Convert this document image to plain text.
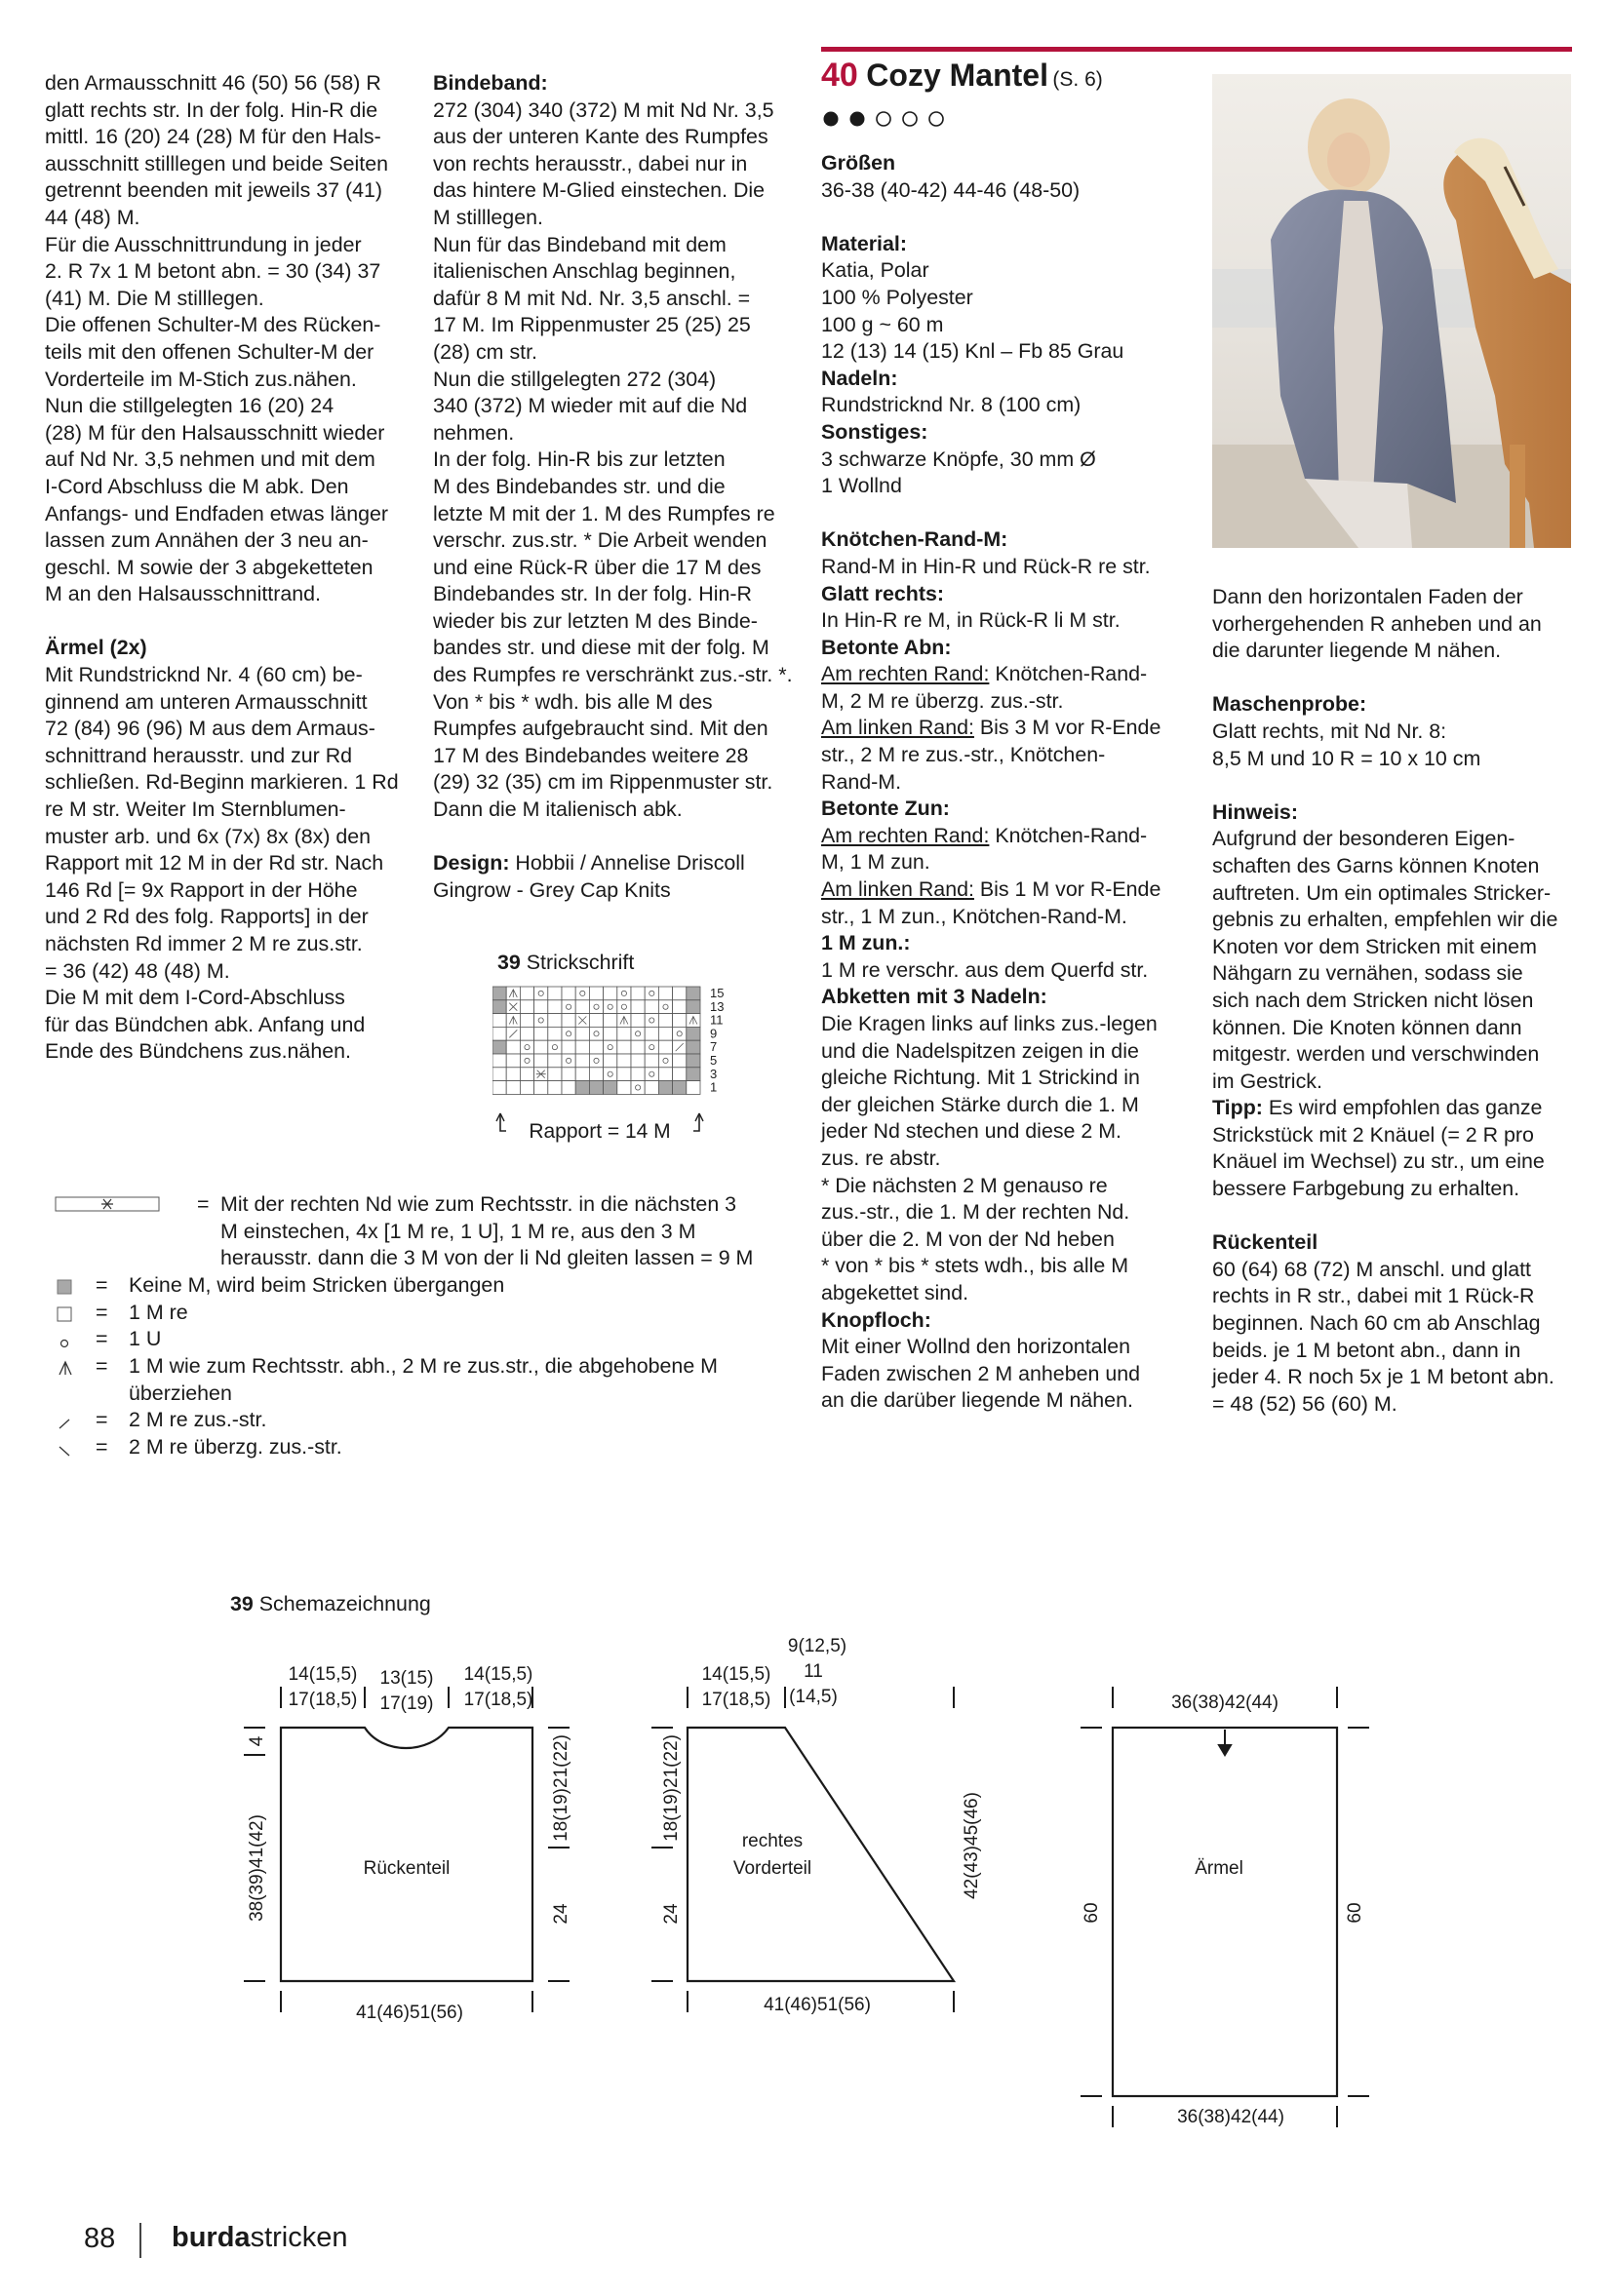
den Armausschnitt 46 (50) 56 (58) R
glatt rechts str. In der folg. Hin-R die
mittl. 16 (20) 24 (28) M für den Hals-
ausschnitt stilllegen und beide Seiten
getrennt beenden mit jeweils 37 (41)
44 (48) M.
Für die Ausschnittrundung in jeder
2. R 7x 1 M betont abn. = 30 (34) 37
(41) M. Die M stilllegen.
Die offenen Schulter-M des Rücken-
teils mit den offenen Schulter-M der
Vorderteile im M-Stich zus.nähen.
Nun die stillgelegten 16 (20) 24
(28) M für den Halsausschnitt wieder
auf Nd Nr. 3,5 nehmen und mit dem
I-Cord Abschluss die M abk. Den
Anfangs- und Endfaden etwas länger
lassen zum Annähen der 3 neu an-
geschl. M sowie der 3 abgeketteten
M an den Halsausschnittrand.

Ärmel (2x)

Mit Rundstricknd Nr. 4 (60 cm) be-
ginnend am unteren Armausschnitt
72 (84) 96 (96) M aus dem Armaus-
schnittrand herausstr. und zur Rd
schließen. Rd-Beginn markieren. 1 Rd
re M str. Weiter Im Sternblumen-
muster arb. und 6x (7x) 8x (8x) den
Rapport mit 12 M in der Rd str. Nach
146 Rd [= 9x Rapport in der Höhe
und 2 Rd des folg. Rapports] in der
nächsten Rd immer 2 M re zus.str.
= 36 (42) 48 (48) M.
Die M mit dem I-Cord-Abschluss
für das Bündchen abk. Anfang und
Ende des Bündchens zus.nähen.

Bindeband:

272 (304) 340 (372) M mit Nd Nr. 3,5
aus der unteren Kante des Rumpfes
von rechts herausstr., dabei nur in
das hintere M-Glied einstechen. Die
M stilllegen.
Nun für das Bindeband mit dem
italienischen Anschlag beginnen,
dafür 8 M mit Nd. Nr. 3,5 anschl. =
17 M. Im Rippenmuster 25 (25) 25
(28) cm str.
Nun die stillgelegten 272 (304)
340 (372) M wieder mit auf die Nd
nehmen.
In der folg. Hin-R bis zur letzten
M des Bindebandes str. und die
letzte M mit der 1. M des Rumpfes re
verschr. zus.str. * Die Arbeit wenden
und eine Rück-R über die 17 M des
Bindebandes str. In der folg. Hin-R
wieder bis zur letzten M des Binde-
bandes str. und diese mit der folg. M
des Rumpfes re verschränkt zus.-str. *.
Von * bis * wdh. bis alle M des
Rumpfes aufgebraucht sind. Mit den
17 M des Bindebandes weitere 28
(29) 32 (35) cm im Rippenmuster str.
Dann die M italienisch abk.

Design: Hobbii / Annelise Driscoll
Gingrow - Grey Cap Knits

39 Strickschrift
15
13
11
9
7
5
3
1
Rapport = 14 M
= Mit der rechten Nd wie zum Rechtsstr. in die nächsten 3
M einstechen, 4x [1 M re, 1 U], 1 M re, aus den 3 M
herausstr. dann die 3 M von der li Nd gleiten lassen = 9 M
= Keine M, wird beim Stricken übergangen
= 1 M re
= 1 U
= 1 M wie zum Rechtsstr. abh., 2 M re zus.str., die abgehobene M
überziehen
= 2 M re zus.-str.
= 2 M re überzg. zus.-str.
40 Cozy Mantel (S. 6)

Größen

36-38 (40-42) 44-46 (48-50)

Material:

Katia, Polar
100 % Polyester
100 g ~ 60 m
12 (13) 14 (15) Knl – Fb 85 Grau

Nadeln:

Rundstricknd Nr. 8 (100 cm)

Sonstiges:

3 schwarze Knöpfe, 30 mm Ø
1 Wollnd

Knötchen-Rand-M:

Rand-M in Hin-R und Rück-R re str.

Glatt rechts:

In Hin-R re M, in Rück-R li M str.

Betonte Abn:

Am rechten Rand: Knötchen-Rand-
M, 2 M re überzg. zus.-str.

Am linken Rand: Bis 3 M vor R-Ende
str., 2 M re zus.-str., Knötchen-
Rand-M.

Betonte Zun:

Am rechten Rand: Knötchen-Rand-
M, 1 M zun.

Am linken Rand: Bis 1 M vor R-Ende
str., 1 M zun., Knötchen-Rand-M.

1 M zun.:

1 M re verschr. aus dem Querfd str.

Abketten mit 3 Nadeln:

Die Kragen links auf links zus.-legen
und die Nadelspitzen zeigen in die
gleiche Richtung. Mit 1 Strickind in
der gleichen Stärke durch die 1. M
jeder Nd stechen und diese 2 M.
zus. re abstr.
* Die nächsten 2 M genauso re
zus.-str., die 1. M der rechten Nd.
über die 2. M von der Nd heben
* von * bis * stets wdh., bis alle M
abgekettet sind.

Knopfloch:

Mit einer Wollnd den horizontalen
Faden zwischen 2 M anheben und
an die darüber liegende M nähen.

Dann den horizontalen Faden der
vorhergehenden R anheben und an
die darunter liegende M nähen.

Maschenprobe:

Glatt rechts, mit Nd Nr. 8:
8,5 M und 10 R = 10 x 10 cm

Hinweis:

Aufgrund der besonderen Eigen-
schaften des Garns können Knoten
auftreten. Um ein optimales Stricker-
gebnis zu erhalten, empfehlen wir die
Knoten vor dem Stricken mit einem
Nähgarn zu vernähen, sodass sie
sich nach dem Stricken nicht lösen
können. Die Knoten können dann
mitgestr. werden und verschwinden
im Gestrick.

Tipp: Es wird empfohlen das ganze
Strickstück mit 2 Knäuel (= 2 R pro
Knäuel im Wechsel) zu str., um eine
bessere Farbgebung zu erhalten.

Rückenteil

60 (64) 68 (72) M anschl. und glatt
rechts in R str., dabei mit 1 Rück-R
beginnen. Nach 60 cm ab Anschlag
beids. je 1 M betont abn., dann in
jeder 4. R noch 5x je 1 M betont abn.
= 48 (52) 56 (60) M.

39 Schemazeichnung
14(15,5)
17(18,5)
13(15)
17(19)
14(15,5)
17(18,5)
4
38(39)41(42)
18(19)21(22)
24
Rückenteil
41(46)51(56)
14(15,5)
17(18,5)
9(12,5)
11
(14,5)
18(19)21(22)
24
42(43)45(46)
rechtes
Vorderteil
41(46)51(56)
36(38)42(44)
Ärmel
60	60
36(38)42(44)
88 burdastricken
